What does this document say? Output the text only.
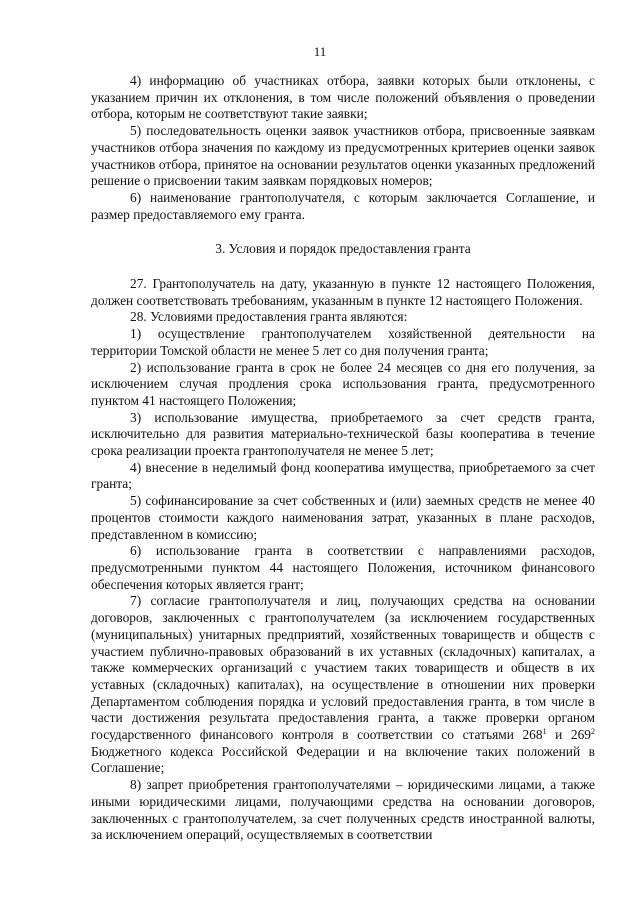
11

4) информацию об участниках отбора, заявки которых были отклонены, с указанием причин их отклонения, в том числе положений объявления о проведении отбора, которым не соответствуют такие заявки;

5) последовательность оценки заявок участников отбора, присвоенные заявкам участников отбора значения по каждому из предусмотренных критериев оценки заявок участников отбора, принятое на основании результатов оценки указанных предложений решение о присвоении таким заявкам порядковых номеров;

6) наименование грантополучателя, с которым заключается Соглашение, и размер предоставляемого ему гранта.

3. Условия и порядок предоставления гранта

27. Грантополучатель на дату, указанную в пункте 12 настоящего Положения, должен соответствовать требованиям, указанным в пункте 12 настоящего Положения.

28. Условиями предоставления гранта являются:

1) осуществление грантополучателем хозяйственной деятельности на территории Томской области не менее 5 лет со дня получения гранта;

2) использование гранта в срок не более 24 месяцев со дня его получения, за исключением случая продления срока использования гранта, предусмотренного пунктом 41 настоящего Положения;

3) использование имущества, приобретаемого за счет средств гранта, исключительно для развития материально-технической базы кооператива в течение срока реализации проекта грантополучателя не менее 5 лет;

4) внесение в неделимый фонд кооператива имущества, приобретаемого за счет гранта;

5) софинансирование за счет собственных и (или) заемных средств не менее 40 процентов стоимости каждого наименования затрат, указанных в плане расходов, представленном в комиссию;

6) использование гранта в соответствии с направлениями расходов, предусмотренными пунктом 44 настоящего Положения, источником финансового обеспечения которых является грант;

7) согласие грантополучателя и лиц, получающих средства на основании договоров, заключенных с грантополучателем (за исключением государственных (муниципальных) унитарных предприятий, хозяйственных товариществ и обществ с участием публично-правовых образований в их уставных (складочных) капиталах, а также коммерческих организаций с участием таких товариществ и обществ в их уставных (складочных) капиталах), на осуществление в отношении них проверки Департаментом соблюдения порядка и условий предоставления гранта, в том числе в части достижения результата предоставления гранта, а также проверки органом государственного финансового контроля в соответствии со статьями $268^1$ и $269^2$ Бюджетного кодекса Российской Федерации и на включение таких положений в Соглашение;

8) запрет приобретения грантополучателями – юридическими лицами, а также иными юридическими лицами, получающими средства на основании договоров, заключенных с грантополучателем, за счет полученных средств иностранной валюты, за исключением операций, осуществляемых в соответствии
